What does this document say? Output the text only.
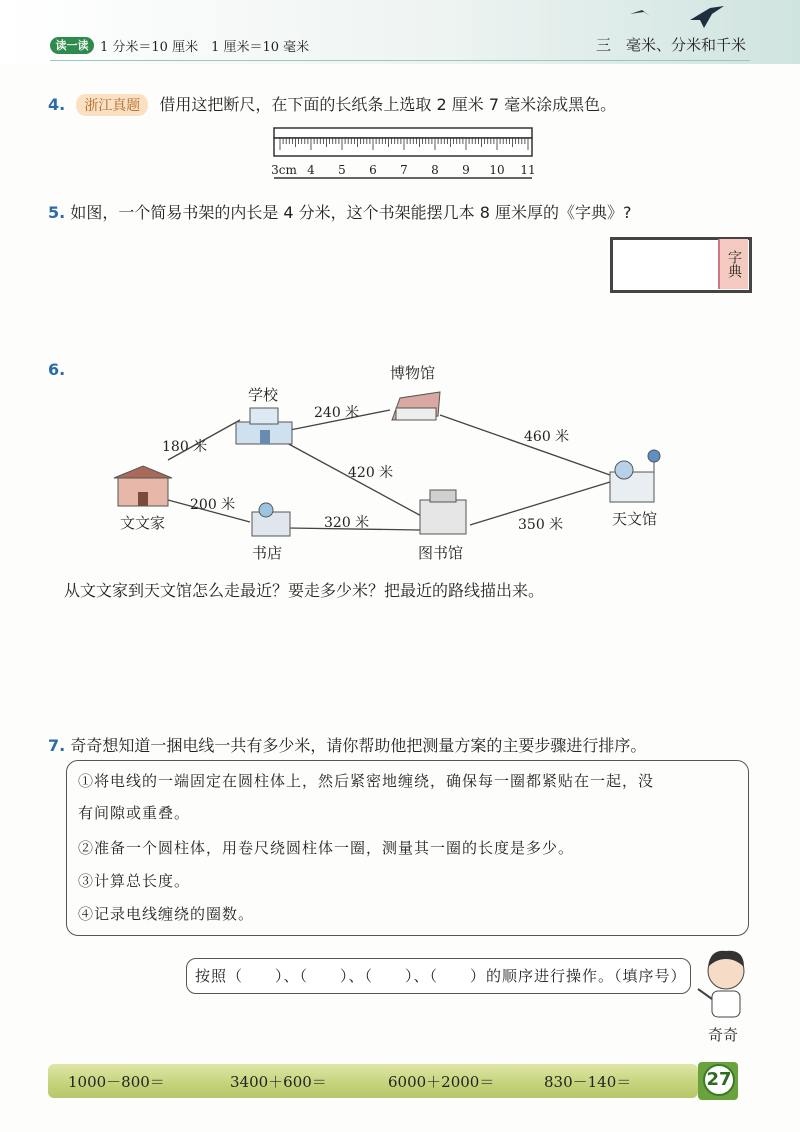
读一读 1 分米＝10 厘米　1 厘米＝10 毫米	三　毫米、分米和千米
4. 浙江真题 借用这把断尺，在下面的长纸条上选取 2 厘米 7 毫米涂成黑色。
3cm 4 5 6 7 8 9 10 11
5. 如图，一个简易书架的内长是 4 分米，这个书架能摆几本 8 厘米厚的《字典》?
字典
6.
文文家
学校
博物馆
书店	图书馆
天文馆
180 米
200 米
240 米
420 米
320 米
460 米
350 米
从文文家到天文馆怎么走最近？要走多少米？把最近的路线描出来。
7. 奇奇想知道一捆电线一共有多少米，请你帮助他把测量方案的主要步骤进行排序。
①将电线的一端固定在圆柱体上，然后紧密地缠绕，确保每一圈都紧贴在一起，没
有间隙或重叠。
②准备一个圆柱体，用卷尺绕圆柱体一圈，测量其一圈的长度是多少。
③计算总长度。
④记录电线缠绕的圈数。
按照（　　）、（　　）、（　　）、（　　）的顺序进行操作。（填序号）
奇奇
1000－800＝	3400＋600＝	6000＋2000＝	830－140＝	27
